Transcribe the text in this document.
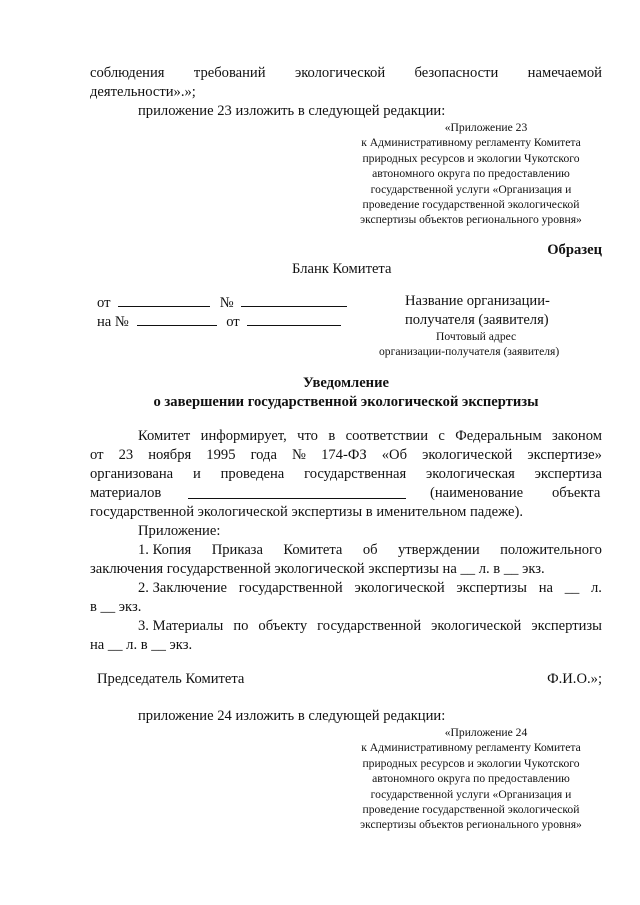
соблюдения требований экологической безопасности намечаемой
деятельности».»;
приложение 23 изложить в следующей редакции:
«Приложение 23
к Административному регламенту Комитета
природных ресурсов и экологии Чукотского
автономного округа по предоставлению
государственной услуги «Организация и
проведение государственной экологической
экспертизы объектов регионального уровня»
Образец
Бланк Комитета
от	№
на №	от
Название организации-
получателя (заявителя)
Почтовый адрес
организации-получателя (заявителя)
Уведомление
о завершении государственной экологической экспертизы
Комитет информирует, что в соответствии с Федеральным законом
от 23 ноября 1995 года № 174-ФЗ «Об экологической экспертизе»
организована и проведена государственная экологическая экспертиза
материалов	(наименование объекта
государственной экологической экспертизы в именительном падеже).
Приложение:
1. Копия Приказа Комитета об утверждении положительного
заключения государственной экологической экспертизы на __ л. в __ экз.
2. Заключение государственной экологической экспертизы на __ л.
в __ экз.
3. Материалы по объекту государственной экологической экспертизы
на __ л. в __ экз.
Председатель Комитета	Ф.И.О.»;
приложение 24 изложить в следующей редакции:
«Приложение 24
к Административному регламенту Комитета
природных ресурсов и экологии Чукотского
автономного округа по предоставлению
государственной услуги «Организация и
проведение государственной экологической
экспертизы объектов регионального уровня»
